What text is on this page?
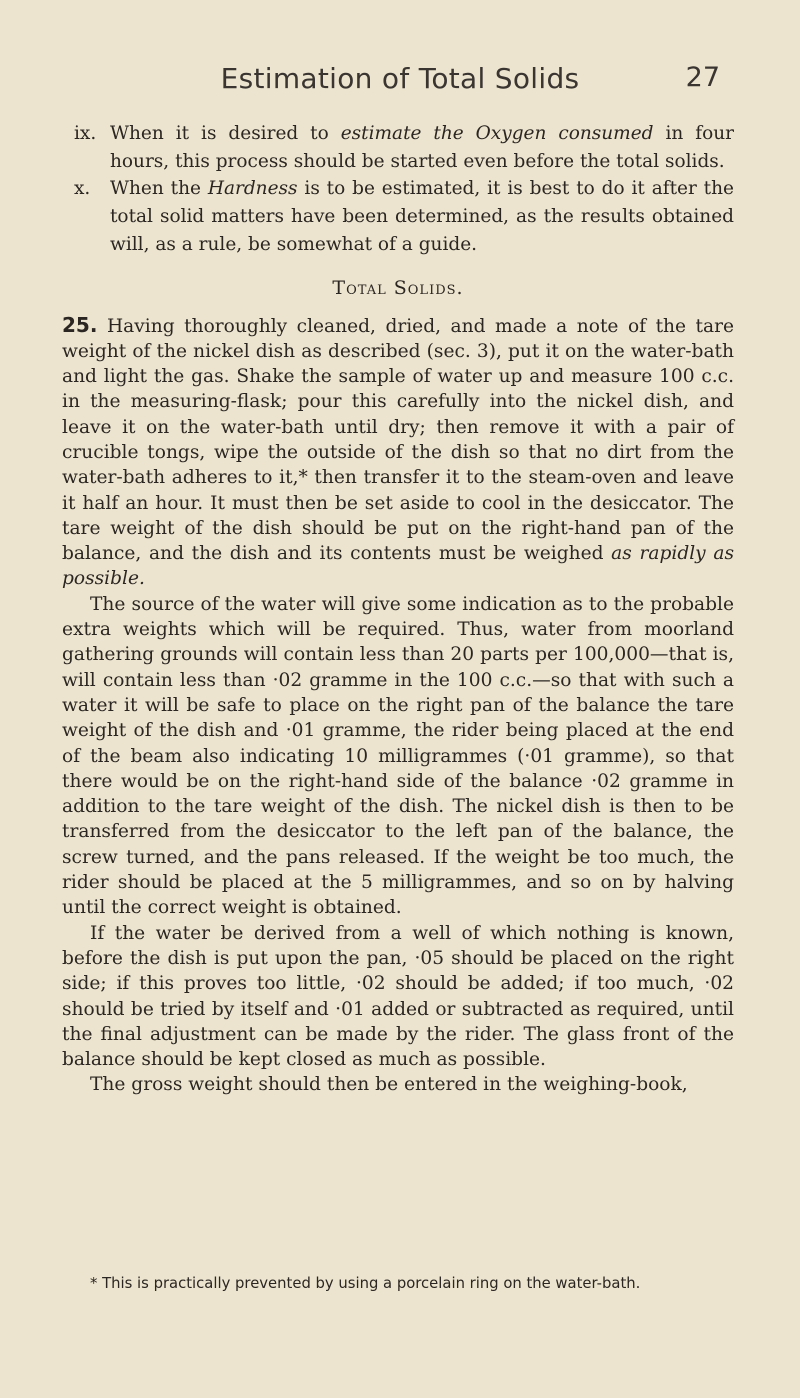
Estimation of Total Solids	27

ix. When it is desired to estimate the Oxygen consumed in four hours, this process should be started even before the total solids.

x. When the Hardness is to be estimated, it is best to do it after the total solid matters have been determined, as the results obtained will, as a rule, be somewhat of a guide.

Total Solids.

25. Having thoroughly cleaned, dried, and made a note of the tare weight of the nickel dish as described (sec. 3), put it on the water-bath and light the gas. Shake the sample of water up and measure 100 c.c. in the measuring-flask; pour this carefully into the nickel dish, and leave it on the water-bath until dry; then remove it with a pair of crucible tongs, wipe the outside of the dish so that no dirt from the water-bath adheres to it,* then transfer it to the steam-oven and leave it half an hour. It must then be set aside to cool in the desiccator. The tare weight of the dish should be put on the right-hand pan of the balance, and the dish and its contents must be weighed as rapidly as possible.

The source of the water will give some indication as to the probable extra weights which will be required. Thus, water from moorland gathering grounds will contain less than 20 parts per 100,000—that is, will contain less than ·02 gramme in the 100 c.c.—so that with such a water it will be safe to place on the right pan of the balance the tare weight of the dish and ·01 gramme, the rider being placed at the end of the beam also indicating 10 milligrammes (·01 gramme), so that there would be on the right-hand side of the balance ·02 gramme in addition to the tare weight of the dish. The nickel dish is then to be transferred from the desiccator to the left pan of the balance, the screw turned, and the pans released. If the weight be too much, the rider should be placed at the 5 milligrammes, and so on by halving until the correct weight is obtained.

If the water be derived from a well of which nothing is known, before the dish is put upon the pan, ·05 should be placed on the right side; if this proves too little, ·02 should be added; if too much, ·02 should be tried by itself and ·01 added or subtracted as required, until the final adjustment can be made by the rider. The glass front of the balance should be kept closed as much as possible.

The gross weight should then be entered in the weighing-book,

* This is practically prevented by using a porcelain ring on the water-bath.
